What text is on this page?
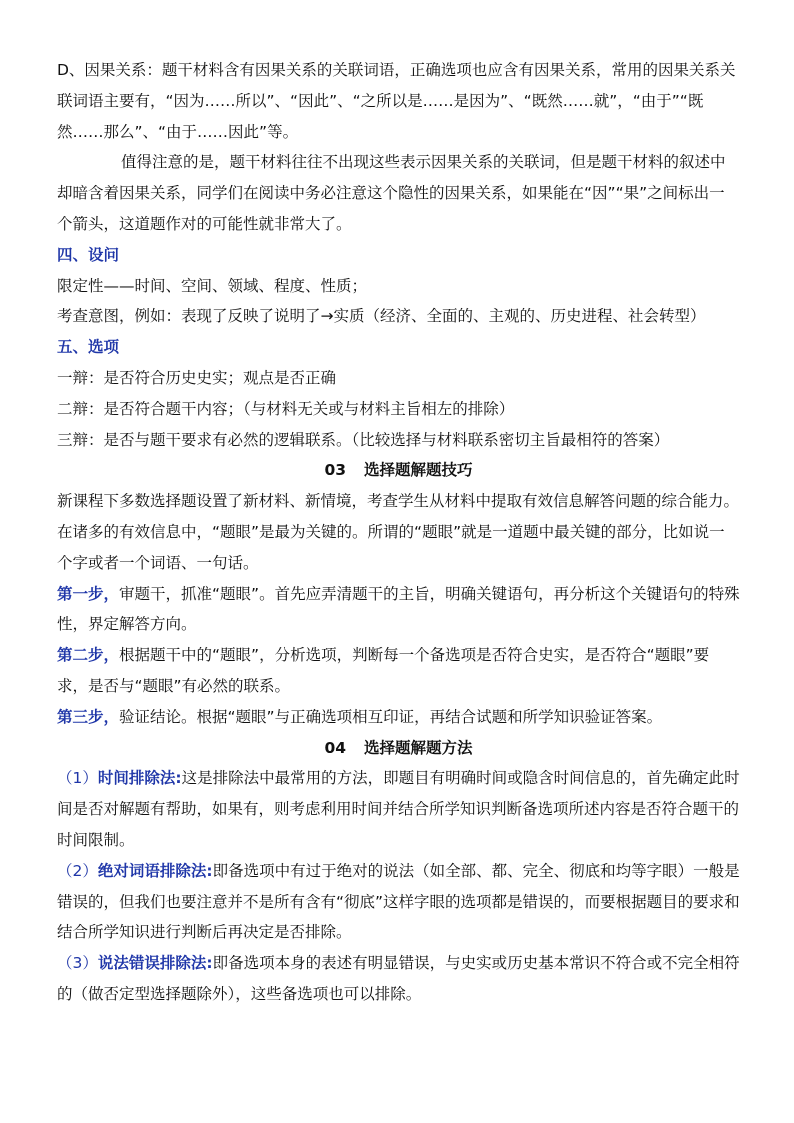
D、因果关系：题干材料含有因果关系的关联词语，正确选项也应含有因果关系，常用的因果关系关联词语主要有，“因为……所以”、“因此”、“之所以是……是因为”、“既然……就”，“由于”“既然……那么”、“由于……因此”等。

值得注意的是，题干材料往往不出现这些表示因果关系的关联词，但是题干材料的叙述中却暗含着因果关系，同学们在阅读中务必注意这个隐性的因果关系，如果能在“因”“果”之间标出一个箭头，这道题作对的可能性就非常大了。

四、设问

限定性——时间、空间、领域、程度、性质；

考查意图，例如：表现了反映了说明了→实质（经济、全面的、主观的、历史进程、社会转型）

五、选项

一辩：是否符合历史史实；观点是否正确

二辩：是否符合题干内容；（与材料无关或与材料主旨相左的排除）

三辩：是否与题干要求有必然的逻辑联系。（比较选择与材料联系密切主旨最相符的答案）

03 选择题解题技巧

新课程下多数选择题设置了新材料、新情境，考查学生从材料中提取有效信息解答问题的综合能力。在诸多的有效信息中，“题眼”是最为关键的。所谓的“题眼”就是一道题中最关键的部分，比如说一个字或者一个词语、一句话。

第一步，审题干，抓准“题眼”。首先应弄清题干的主旨，明确关键语句，再分析这个关键语句的特殊性，界定解答方向。

第二步，根据题干中的“题眼”，分析选项，判断每一个备选项是否符合史实，是否符合“题眼”要求，是否与“题眼”有必然的联系。

第三步，验证结论。根据“题眼”与正确选项相互印证，再结合试题和所学知识验证答案。

04 选择题解题方法

（1）时间排除法:这是排除法中最常用的方法，即题目有明确时间或隐含时间信息的，首先确定此时间是否对解题有帮助，如果有，则考虑利用时间并结合所学知识判断备选项所述内容是否符合题干的时间限制。

（2）绝对词语排除法:即备选项中有过于绝对的说法（如全部、都、完全、彻底和均等字眼）一般是错误的，但我们也要注意并不是所有含有“彻底”这样字眼的选项都是错误的，而要根据题目的要求和结合所学知识进行判断后再决定是否排除。

（3）说法错误排除法:即备选项本身的表述有明显错误，与史实或历史基本常识不符合或不完全相符的（做否定型选择题除外），这些备选项也可以排除。
